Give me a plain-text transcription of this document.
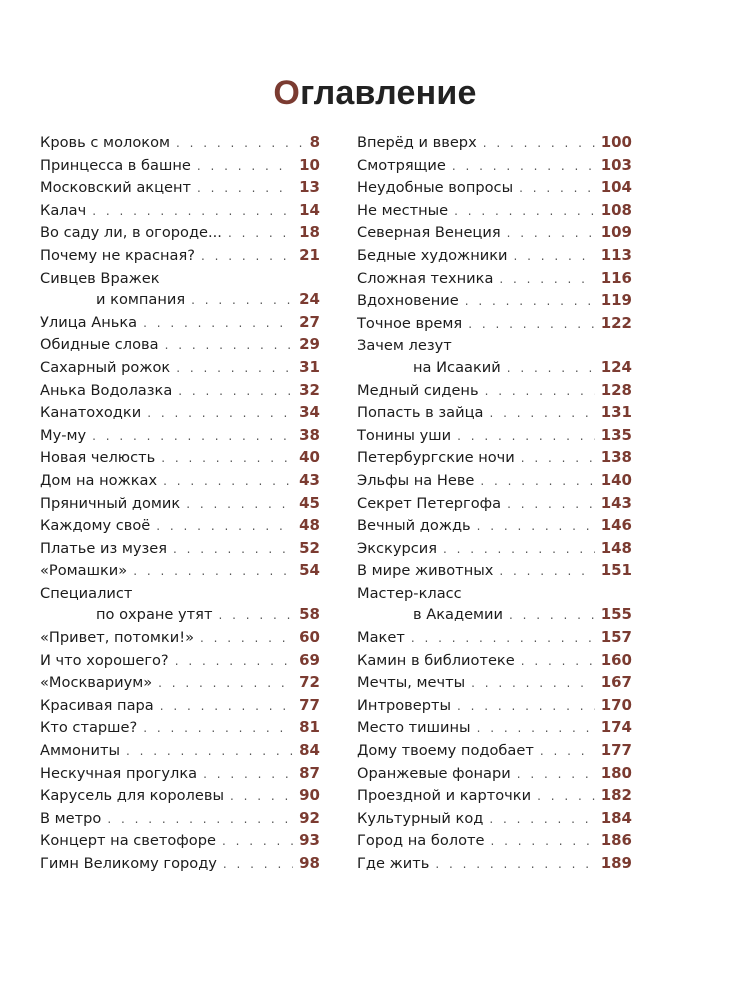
Оглавление
Кровь с молоком . . .	8
Принцесса в башне . . .	10
Московский акцент . . .	13
Калач . . .	14
Во саду ли, в огороде... . . .	18
Почему не красная? . . .	21
Сивцев Вражек
и компания . . .	24
Улица Анька . . .	27
Обидные слова . . .	29
Сахарный рожок . . .	31
Анька Водолазка . . .	32
Канатоходки . . .	34
Му-му . . .	38
Новая челюсть . . .	40
Дом на ножках . . .	43
Пряничный домик . . .	45
Каждому своё . . .	48
Платье из музея . . .	52
«Ромашки» . . .	54
Специалист
по охране утят . . .	58
«Привет, потомки!» . . .	60
И что хорошего? . . .	69
«Москвариум» . . .	72
Красивая пара . . .	77
Кто старше? . . .	81
Аммониты . . .	84
Нескучная прогулка . . .	87
Карусель для королевы . . .	90
В метро . . .	92
Концерт на светофоре . . .	93
Гимн Великому городу . . .	98
Вперёд и вверх . . .	100
Смотрящие . . .	103
Неудобные вопросы . . .	104
Не местные . . .	108
Северная Венеция . . .	109
Бедные художники . . .	113
Сложная техника . . .	116
Вдохновение . . .	119
Точное время . . .	122
Зачем лезут
на Исаакий . . .	124
Медный сидень . . .	128
Попасть в зайца . . .	131
Тонины уши . . .	135
Петербургские ночи . . .	138
Эльфы на Неве . . .	140
Секрет Петергофа . . .	143
Вечный дождь . . .	146
Экскурсия . . .	148
В мире животных . . .	151
Мастер-класс
в Академии . . .	155
Макет . . .	157
Камин в библиотеке . . .	160
Мечты, мечты . . .	167
Интроверты . . .	170
Место тишины . . .	174
Дому твоему подобает . . .	177
Оранжевые фонари . . .	180
Проездной и карточки . . .	182
Культурный код . . .	184
Город на болоте . . .	186
Где жить . . .	189
